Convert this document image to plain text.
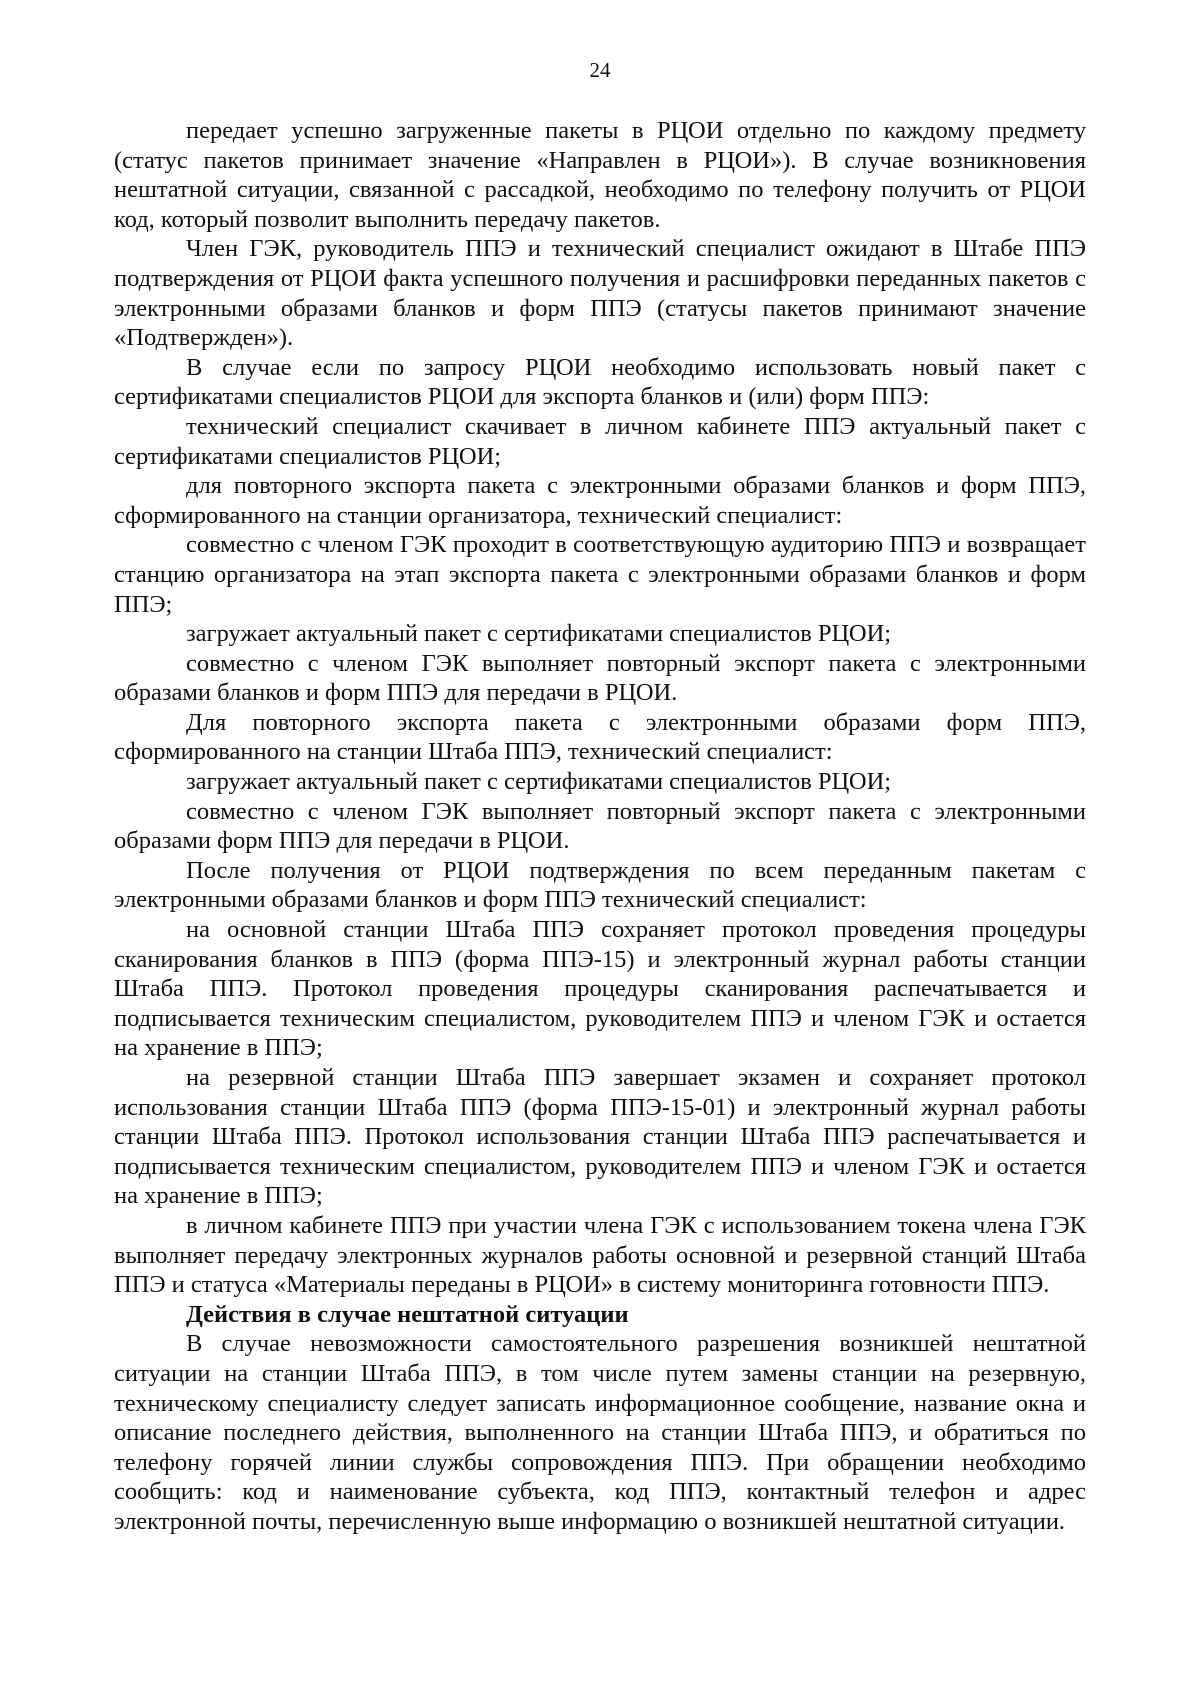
24

передает успешно загруженные пакеты в РЦОИ отдельно по каждому предмету (статус пакетов принимает значение «Направлен в РЦОИ»). В случае возникновения нештатной ситуации, связанной с рассадкой, необходимо по телефону получить от РЦОИ код, который позволит выполнить передачу пакетов.

Член ГЭК, руководитель ППЭ и технический специалист ожидают в Штабе ППЭ подтверждения от РЦОИ факта успешного получения и расшифровки переданных пакетов с электронными образами бланков и форм ППЭ (статусы пакетов принимают значение «Подтвержден»).

В случае если по запросу РЦОИ необходимо использовать новый пакет с сертификатами специалистов РЦОИ для экспорта бланков и (или) форм ППЭ:

технический специалист скачивает в личном кабинете ППЭ актуальный пакет с сертификатами специалистов РЦОИ;

для повторного экспорта пакета с электронными образами бланков и форм ППЭ, сформированного на станции организатора, технический специалист:

совместно с членом ГЭК проходит в соответствующую аудиторию ППЭ и возвращает станцию организатора на этап экспорта пакета с электронными образами бланков и форм ППЭ;

загружает актуальный пакет с сертификатами специалистов РЦОИ;

совместно с членом ГЭК выполняет повторный экспорт пакета с электронными образами бланков и форм ППЭ для передачи в РЦОИ.

Для повторного экспорта пакета с электронными образами форм ППЭ, сформированного на станции Штаба ППЭ, технический специалист:

загружает актуальный пакет с сертификатами специалистов РЦОИ;

совместно с членом ГЭК выполняет повторный экспорт пакета с электронными образами форм ППЭ для передачи в РЦОИ.

После получения от РЦОИ подтверждения по всем переданным пакетам с электронными образами бланков и форм ППЭ технический специалист:

на основной станции Штаба ППЭ сохраняет протокол проведения процедуры сканирования бланков в ППЭ (форма ППЭ-15) и электронный журнал работы станции Штаба ППЭ. Протокол проведения процедуры сканирования распечатывается и подписывается техническим специалистом, руководителем ППЭ и членом ГЭК и остается на хранение в ППЭ;

на резервной станции Штаба ППЭ завершает экзамен и сохраняет протокол использования станции Штаба ППЭ (форма ППЭ-15-01) и электронный журнал работы станции Штаба ППЭ. Протокол использования станции Штаба ППЭ распечатывается и подписывается техническим специалистом, руководителем ППЭ и членом ГЭК и остается на хранение в ППЭ;

в личном кабинете ППЭ при участии члена ГЭК с использованием токена члена ГЭК выполняет передачу электронных журналов работы основной и резервной станций Штаба ППЭ и статуса «Материалы переданы в РЦОИ» в систему мониторинга готовности ППЭ.

Действия в случае нештатной ситуации

В случае невозможности самостоятельного разрешения возникшей нештатной ситуации на станции Штаба ППЭ, в том числе путем замены станции на резервную, техническому специалисту следует записать информационное сообщение, название окна и описание последнего действия, выполненного на станции Штаба ППЭ, и обратиться по телефону горячей линии службы сопровождения ППЭ. При обращении необходимо сообщить: код и наименование субъекта, код ППЭ, контактный телефон и адрес электронной почты, перечисленную выше информацию о возникшей нештатной ситуации.
